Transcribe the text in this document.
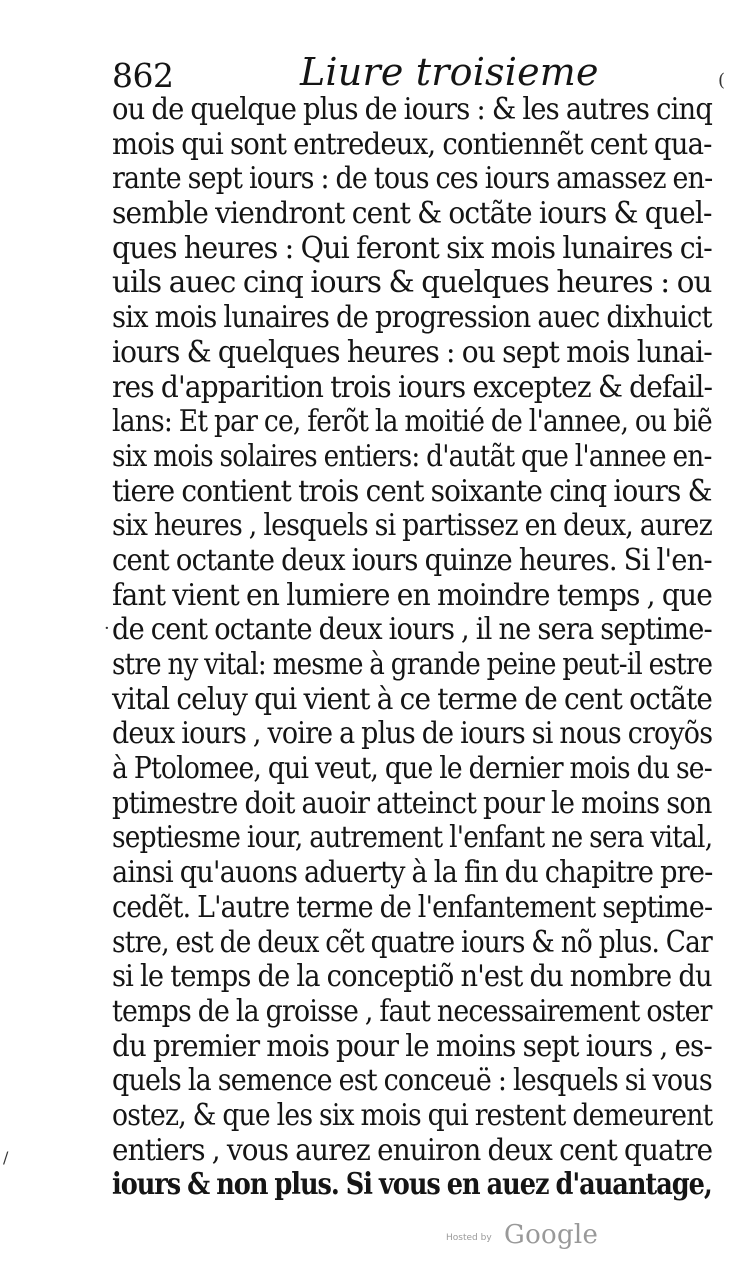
862	Liure troisieme	(
·
/
ou de quelque plus de iours : & les autres cinq
mois qui sont entredeux, contiennẽt cent qua-
rante sept iours : de tous ces iours amassez en-
semble viendront cent & octãte iours & quel-
ques heures : Qui feront six mois lunaires ci-
uils auec cinq iours & quelques heures : ou
six mois lunaires de progression auec dixhuict
iours & quelques heures : ou sept mois lunai-
res d'apparition trois iours exceptez & defail-
lans: Et par ce, ferõt la moitié de l'annee, ou biẽ
six mois solaires entiers: d'autãt que l'annee en-
tiere contient trois cent soixante cinq iours &
six heures , lesquels si partissez en deux, aurez
cent octante deux iours quinze heures. Si l'en-
fant vient en lumiere en moindre temps , que
de cent octante deux iours , il ne sera septime-
stre ny vital: mesme à grande peine peut-il estre
vital celuy qui vient à ce terme de cent octãte
deux iours , voire a plus de iours si nous croyõs
à Ptolomee, qui veut, que le dernier mois du se-
ptimestre doit auoir atteinct pour le moins son
septiesme iour, autrement l'enfant ne sera vital,
ainsi qu'auons aduerty à la fin du chapitre pre-
cedẽt. L'autre terme de l'enfantement septime-
stre, est de deux cẽt quatre iours & nõ plus. Car
si le temps de la conceptiõ n'est du nombre du
temps de la groisse , faut necessairement oster
du premier mois pour le moins sept iours , es-
quels la semence est conceuë : lesquels si vous
ostez, & que les six mois qui restent demeurent
entiers , vous aurez enuiron deux cent quatre
iours & non plus. Si vous en auez d'auantage,
Hosted by Google
